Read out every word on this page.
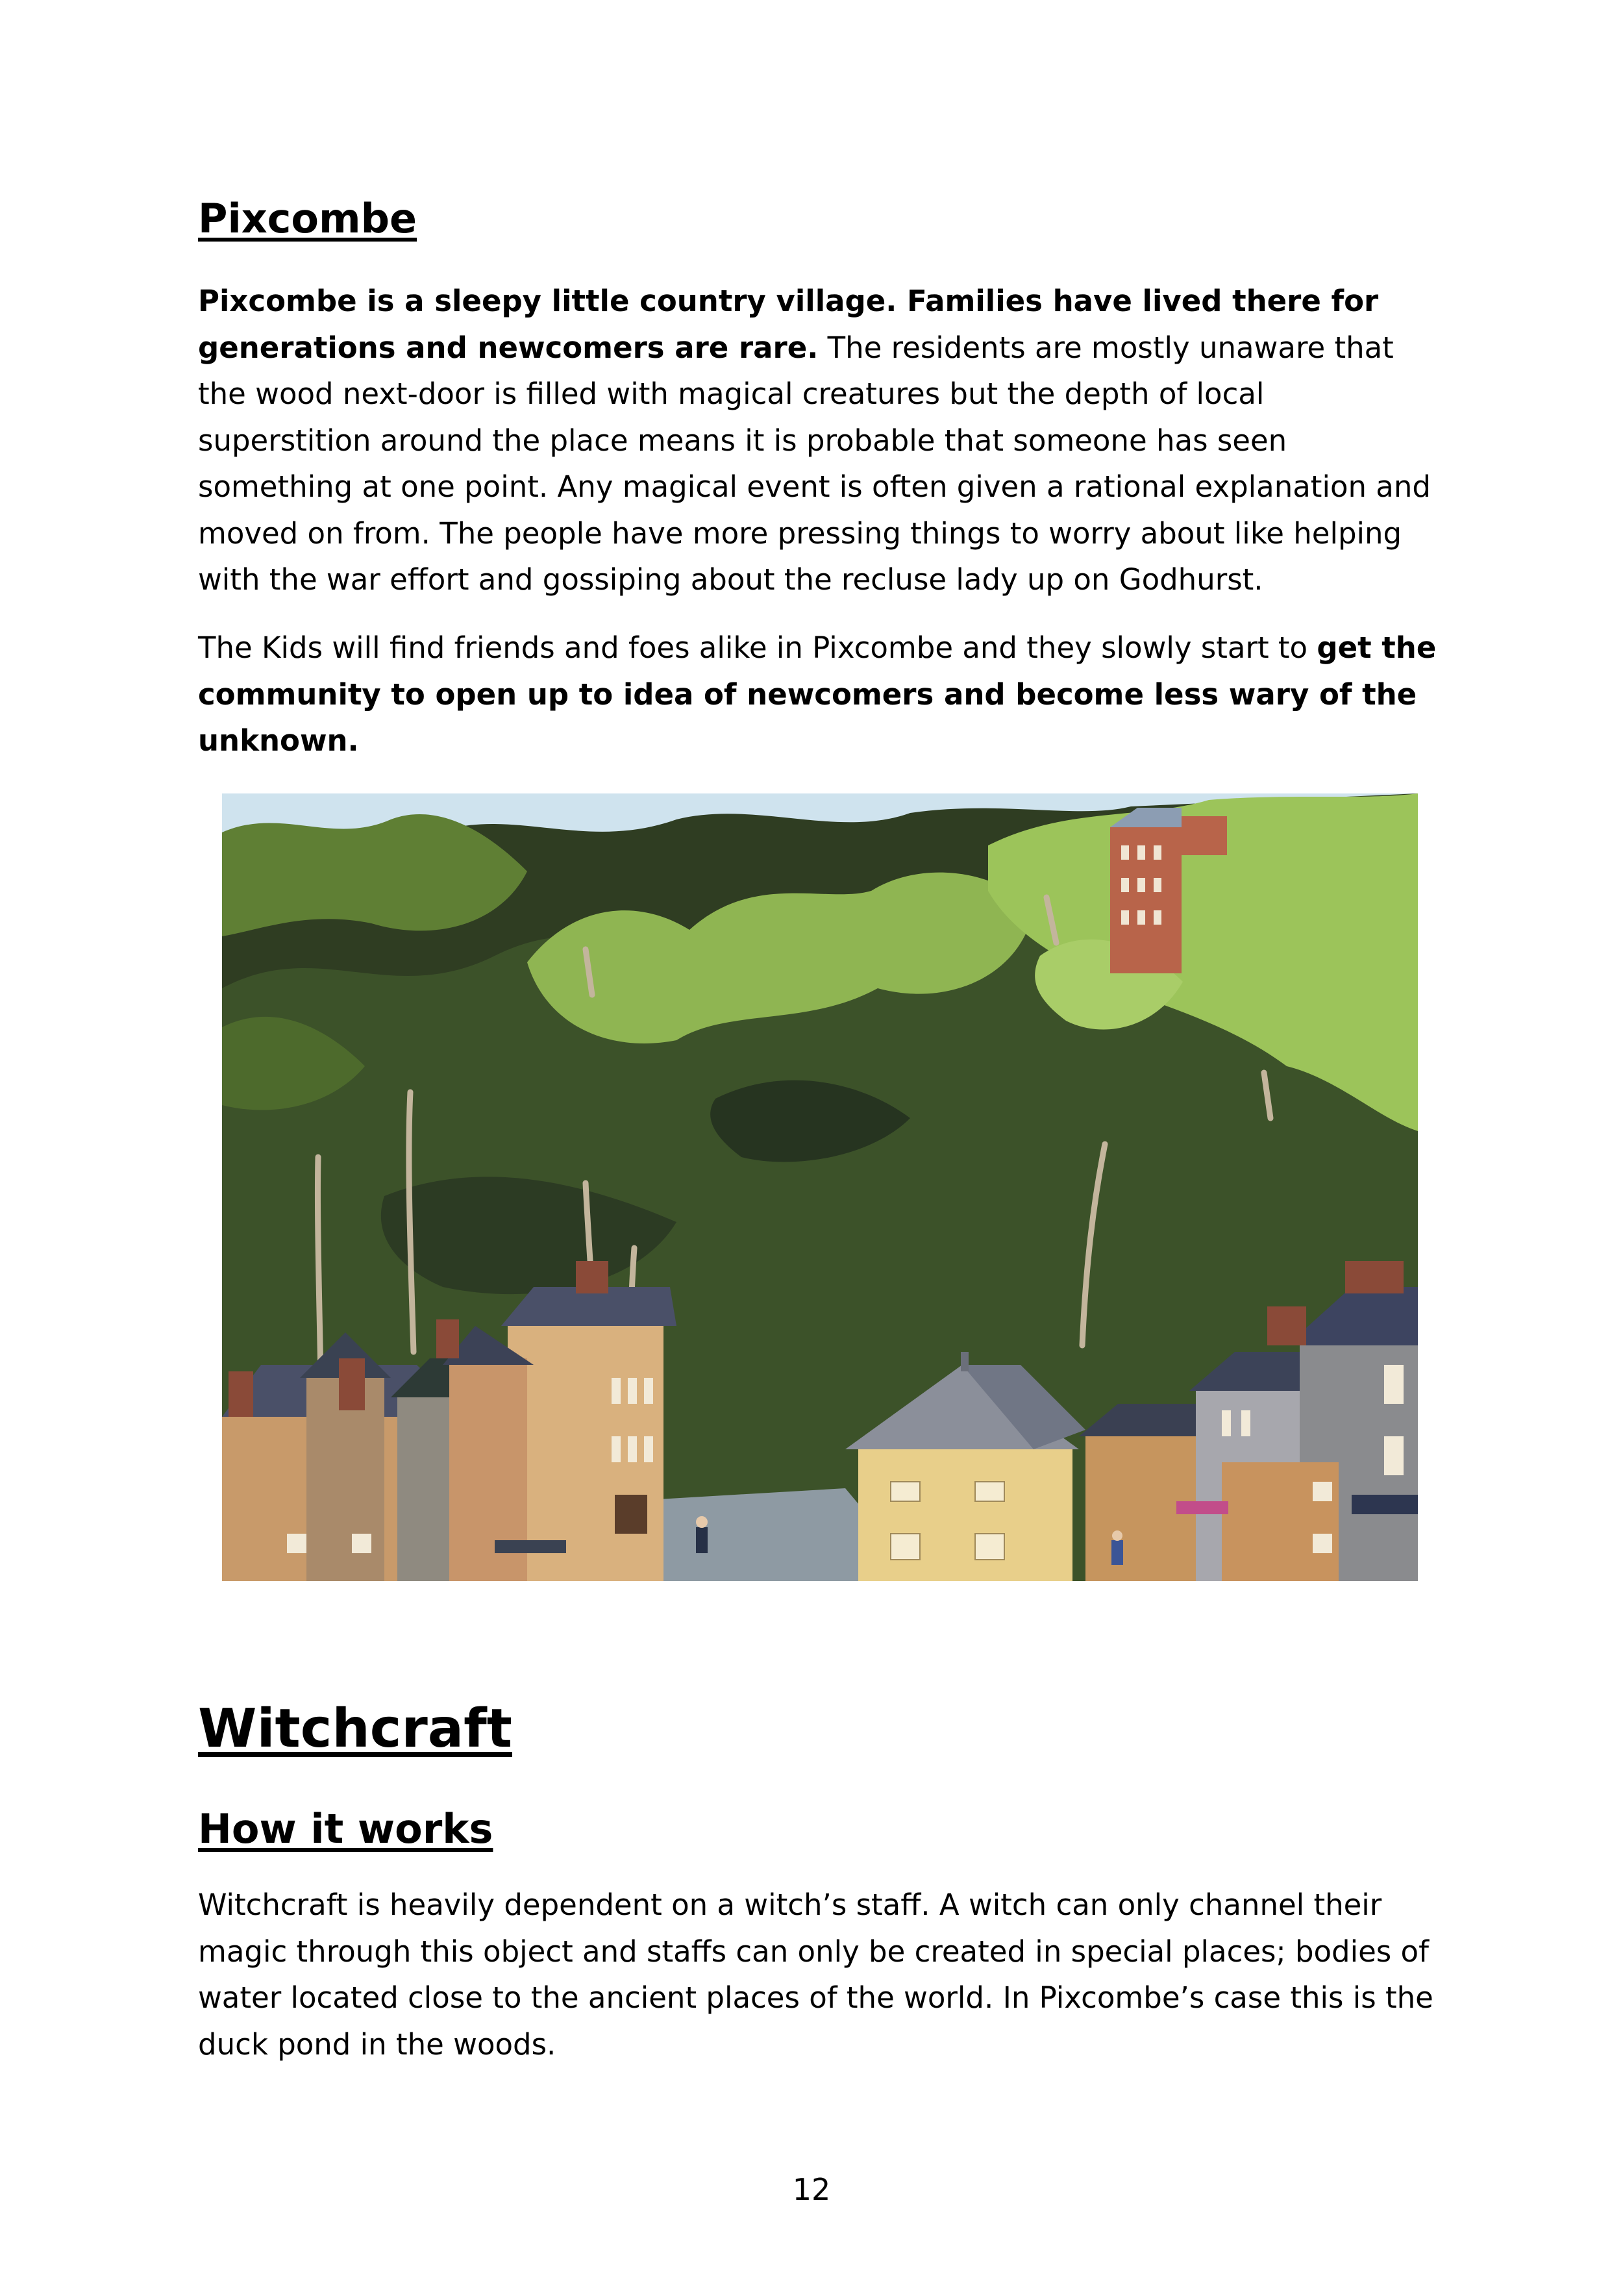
Pixcombe

Pixcombe is a sleepy little country village. Families have lived there for generations and newcomers are rare. The residents are mostly unaware that the wood next-door is filled with magical creatures but the depth of local superstition around the place means it is probable that someone has seen something at one point. Any magical event is often given a rational explanation and moved on from. The people have more pressing things to worry about like helping with the war effort and gossiping about the recluse lady up on Godhurst.

The Kids will find friends and foes alike in Pixcombe and they slowly start to get the community to open up to idea of newcomers and become less wary of the unknown.

Witchcraft
How it works

Witchcraft is heavily dependent on a witch’s staff. A witch can only channel their magic through this object and staffs can only be created in special places; bodies of water located close to the ancient places of the world. In Pixcombe’s case this is the duck pond in the woods.

12
